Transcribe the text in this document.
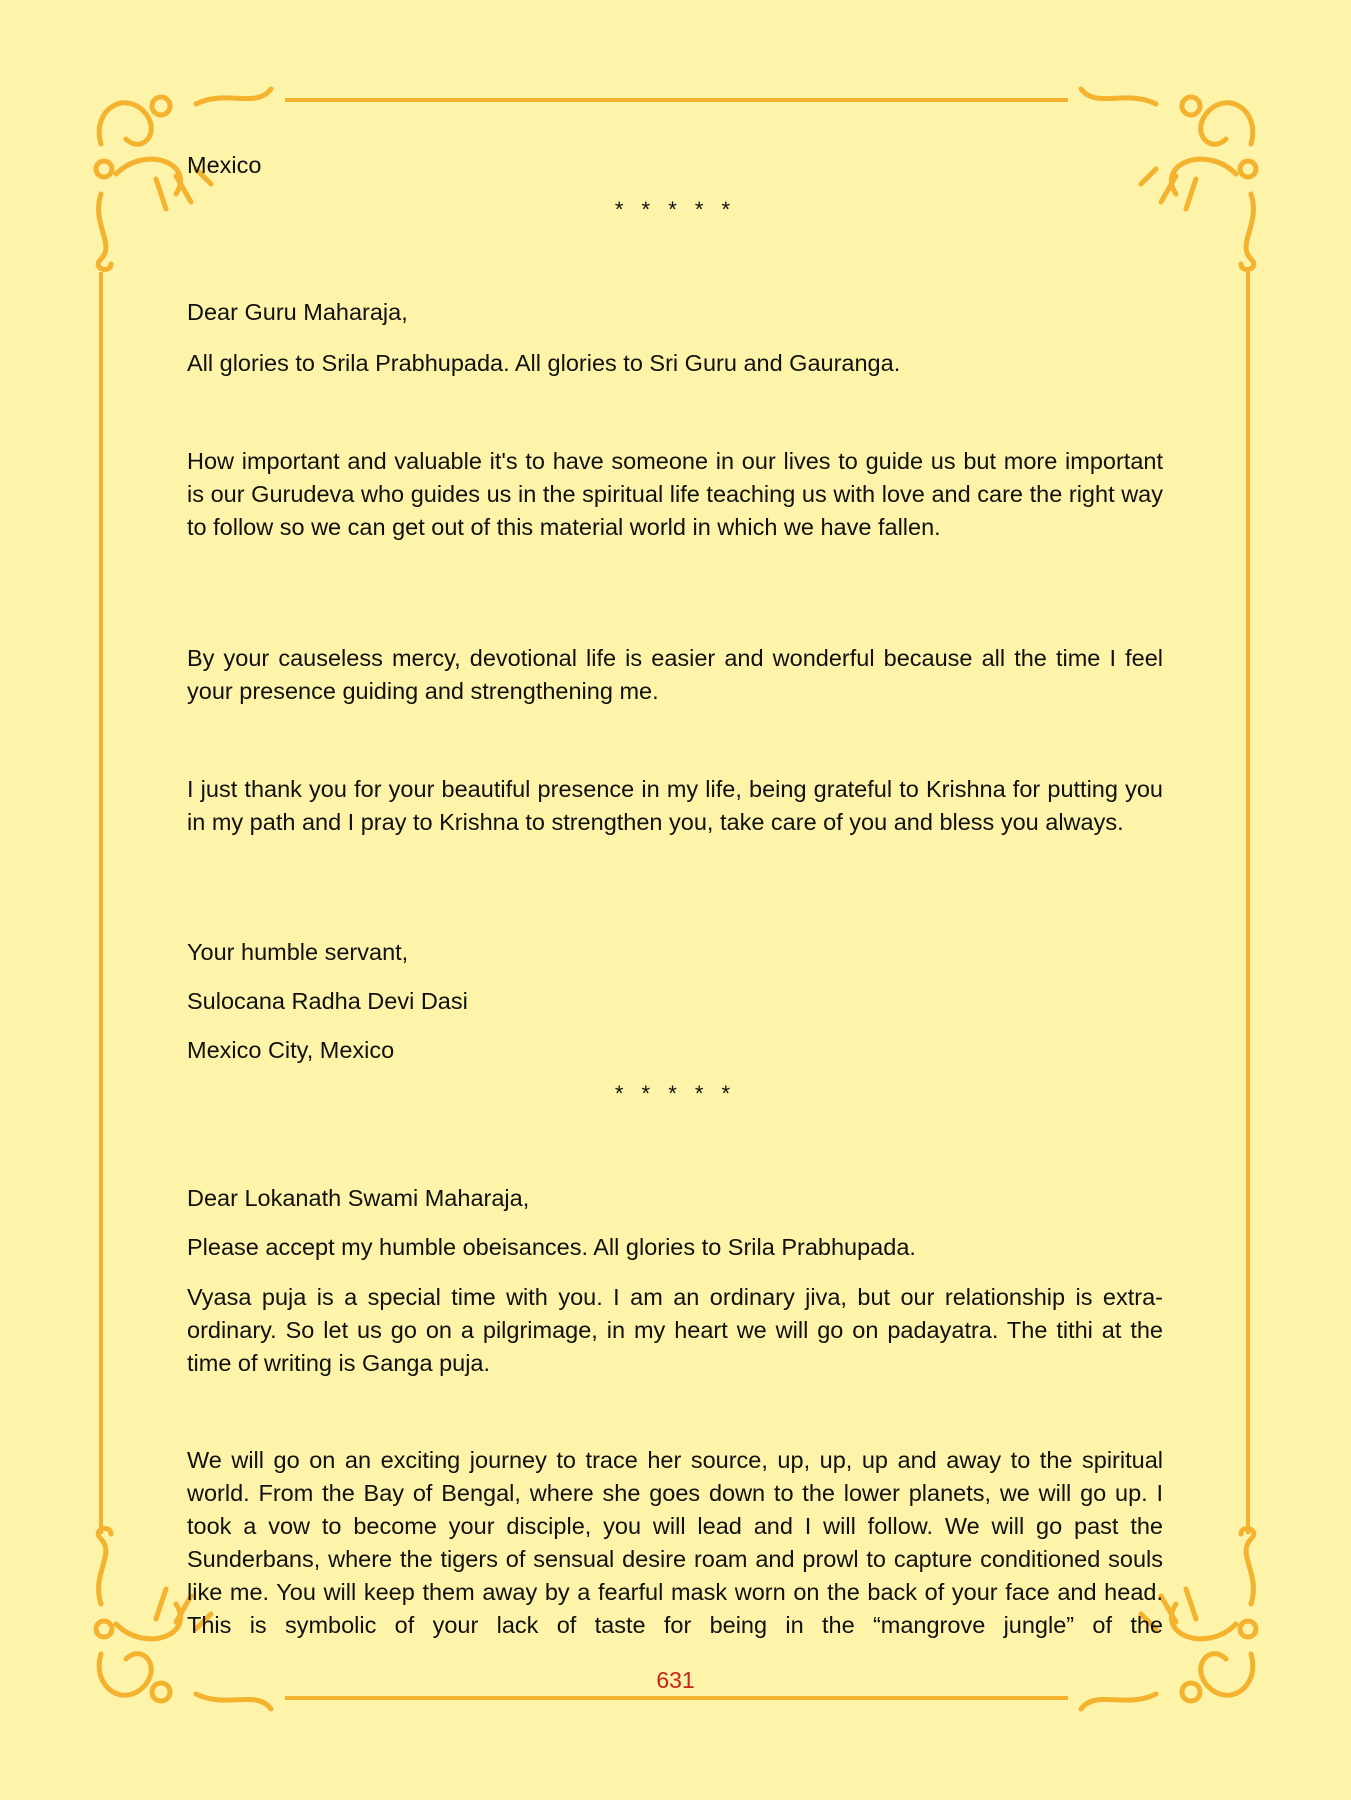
Mexico
* * * * *
Dear Guru Maharaja,
All glories to Srila Prabhupada. All glories to Sri Guru and Gauranga.
How important and valuable it's to have someone in our lives to guide us but more important is our Gurudeva who guides us in the spiritual life teaching us with love and care the right way to follow so we can get out of this material world in which we have fallen.
By your causeless mercy, devotional life is easier and wonderful because all the time I feel your presence guiding and strengthening me.
I just thank you for your beautiful presence in my life, being grateful to Krishna for putting you in my path and I pray to Krishna to strengthen you, take care of you and bless you always.
Your humble servant,
Sulocana Radha Devi Dasi
Mexico City, Mexico
* * * * *
Dear Lokanath Swami Maharaja,
Please accept my humble obeisances. All glories to Srila Prabhupada.
Vyasa puja is a special time with you. I am an ordinary jiva, but our relationship is extra-ordinary. So let us go on a pilgrimage, in my heart we will go on padayatra. The tithi at the time of writing is Ganga puja.
We will go on an exciting journey to trace her source, up, up, up and away to the spiritual world. From the Bay of Bengal, where she goes down to the lower planets, we will go up. I took a vow to become your disciple, you will lead and I will follow. We will go past the Sunderbans, where the tigers of sensual desire roam and prowl to capture conditioned souls like me. You will keep them away by a fearful mask worn on the back of your face and head. This is symbolic of your lack of taste for being in the “mangrove jungle” of the
631
